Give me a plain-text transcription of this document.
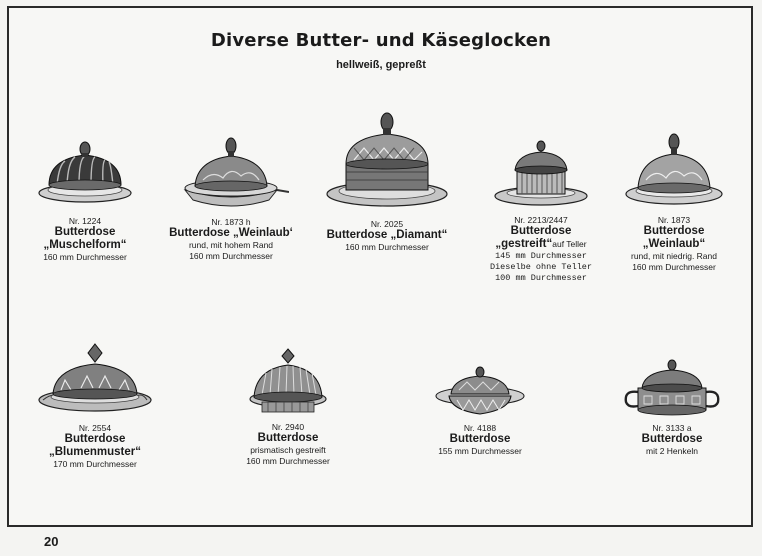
Diverse Butter- und Käseglocken
hellweiß, gepreßt
Nr. 1224
Butterdose
„Muschelform“
160 mm Durchmesser
Nr. 1873 h
Butterdose „Weinlaub‘
rund, mit hohem Rand
160 mm Durchmesser
Nr. 2025
Butterdose „Diamant“
160 mm Durchmesser
Nr. 2213/2447
Butterdose
„gestreift“auf Teller
145 mm Durchmesser
Dieselbe ohne Teller
100 mm Durchmesser
Nr. 1873
Butterdose
„Weinlaub“
rund, mit niedrig. Rand
160 mm Durchmesser
Nr. 2554
Butterdose
„Blumenmuster“
170 mm Durchmesser
Nr. 2940
Butterdose
prismatisch gestreift
160 mm Durchmesser
Nr. 4188
Butterdose
155 mm Durchmesser
Nr. 3133 a
Butterdose
mit 2 Henkeln
20
